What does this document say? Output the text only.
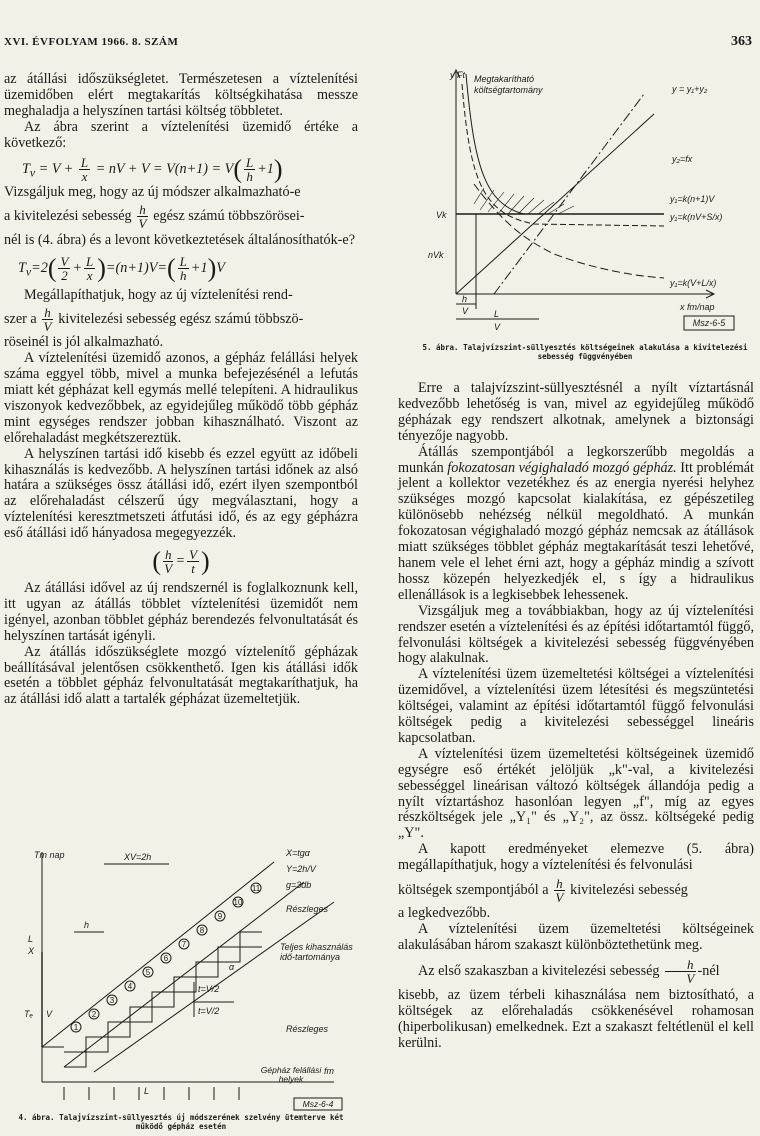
XVI. ÉVFOLYAM 1966. 8. SZÁM	363

az átállási időszükségletet. Természetesen a víztelenítési üzemidőben elért megtakarítás költségkihatása messze meghaladja a helyszínen tartási költség többletet.

Az ábra szerint a víztelenítési üzemidő értéke a következő:

$T_v = V + \frac{L}{x}$ = nV + $V = V(n+1) = V( \frac{L}{h} +1)$

Vizsgáljuk meg, hogy az új módszer alkalmazható-e

a kivitelezési sebesség $\frac{h}{V}$ egész számú többszörösei-

nél is (4. ábra) és a levont következtetések általánosíthatók-e?

$T_v=2( \frac{V}{2} + \frac{L}{x} )=(n+1)V=( \frac{L}{h} +1)V$

Megállapíthatjuk, hogy az új víztelenítési rend-

szer a $\frac{h}{V}$ kivitelezési sebesség egész számú többszö-

röseinél is jól alkalmazható.

A víztelenítési üzemidő azonos, a gépház felállási helyek száma eggyel több, mivel a munka befejezésénél a lefutás miatt két gépházat kell egymás mellé telepíteni. A hidraulikus viszonyok kedvezőbbek, az egyidejűleg működő több gépház mint egységes rendszer jobban kihasználható. Viszont az előrehaladást megkétszereztük.

A helyszínen tartási idő kisebb és ezzel együtt az időbeli kihasználás is kedvezőbb. A helyszínen tartási időnek az alsó határa a szükséges össz átállási idő, ezért ilyen szempontból az előrehaladást célszerű úgy megválasztani, hogy a víztelenítési keresztmetszeti átfutási idő, és az egy gépházra eső átállási idő hányadosa megegyezzék.

( $\frac{h}{V} = \frac{V}{t}$ )

Az átállási idővel az új rendszernél is foglalkoznunk kell, itt ugyan az átállás többlet víztelenítési üzemidőt nem igényel, azonban többlet gépház berendezés felvonultatását és helyszínen tartását igényli.

Az átállás időszükséglete mozgó víztelenítő gépházak beállításával jelentősen csökkenthető. Igen kis átállási idők esetén a többlet gépház felvonultatását megtakaríthatjuk, ha az átállási idő alatt a tartalék gépházat üzemeltetjük.

1
2
3
4
5
6
7
8
9
10
11
Tm nap	X=tgα
Y=2h/V
g=3db
XV=2h
h
L
X
Tₑ V
t=V/2
t=V/2
α
Részleges
Részleges
fm
L
Teljes kihasználás idő-tartománya
Gépház felállási helyek
Msz-6-4
4. ábra. Talajvízszint-süllyesztés új módszerének szelvény ütemterve két működő gépház esetén
y Ft
Vk
nVk
h
V	L
V
x fm/nap
y = y₁+y₂
y₂=fx
y₁=k(n+1)V
y₁=k(nV+S/x)
y₁=k(V+L/x)
Megtakarítható költségtartomány
Msz-6-5
5. ábra. Talajvízszint-süllyesztés költségeinek alakulása a kivitelezési sebesség függvényében

Erre a talajvízszint-süllyesztésnél a nyílt víztartásnál kedvezőbb lehetőség is van, mivel az egyidejűleg működő gépházak egy rendszert alkotnak, amelynek a biztonsági tényezője nagyobb.

Átállás szempontjából a legkorszerűbb megoldás a munkán fokozatosan végighaladó mozgó gépház. Itt problémát jelent a kollektor vezetékhez és az energia nyerési helyhez szükséges mozgó kapcsolat kialakítása, ez gépészetileg különösebb nehézség nélkül megoldható. A munkán fokozatosan végighaladó mozgó gépház nemcsak az átállások miatt szükséges többlet gépház megtakarítását teszi lehetővé, hanem vele el lehet érni azt, hogy a gépház mindig a szívott hossz közepén helyezkedjék el, s így a hidraulikus ellenállások is a legkisebbek lehessenek.

Vizsgáljuk meg a továbbiakban, hogy az új víztelenítési rendszer esetén a víztelenítési és az építési időtartamtól függő, felvonulási költségek a kivitelezési sebesség függvényében hogy alakulnak.

A víztelenítési üzem üzemeltetési költségei a víztelenítési üzemidővel, a víztelenítési üzem létesítési és megszüntetési költségei, valamint az építési időtartamtól függő felvonulási költségek pedig a kivitelezési sebességgel lineáris kapcsolatban.

A víztelenítési üzem üzemeltetési költségeinek üzemidő egységre eső értékét jelöljük „k"-val, a kivitelezési sebességgel lineárisan változó költségek állandója pedig a nyílt víztartáshoz hasonlóan legyen „f", míg az egyes részköltségek jele „Y₁" és „Y₂", az össz. költségeké pedig „Y".

A kapott eredményeket elemezve (5. ábra) megállapíthatjuk, hogy a víztelenítési és felvonulási

költségek szempontjából a $\frac{h}{V}$ kivitelezési sebesség

a legkedvezőbb.

A víztelenítési üzem üzemeltetési költségeinek alakulásában három szakaszt különböztethetünk meg.

Az első szakaszban a kivitelezési sebesség $\frac{h}{V}$ -nél

kisebb, az üzem térbeli kihasználása nem biztosítható, a költségek az előrehaladás csökkenésével rohamosan (hiperbolikusan) emelkednek. Ezt a szakaszt feltétlenül el kell kerülni.
